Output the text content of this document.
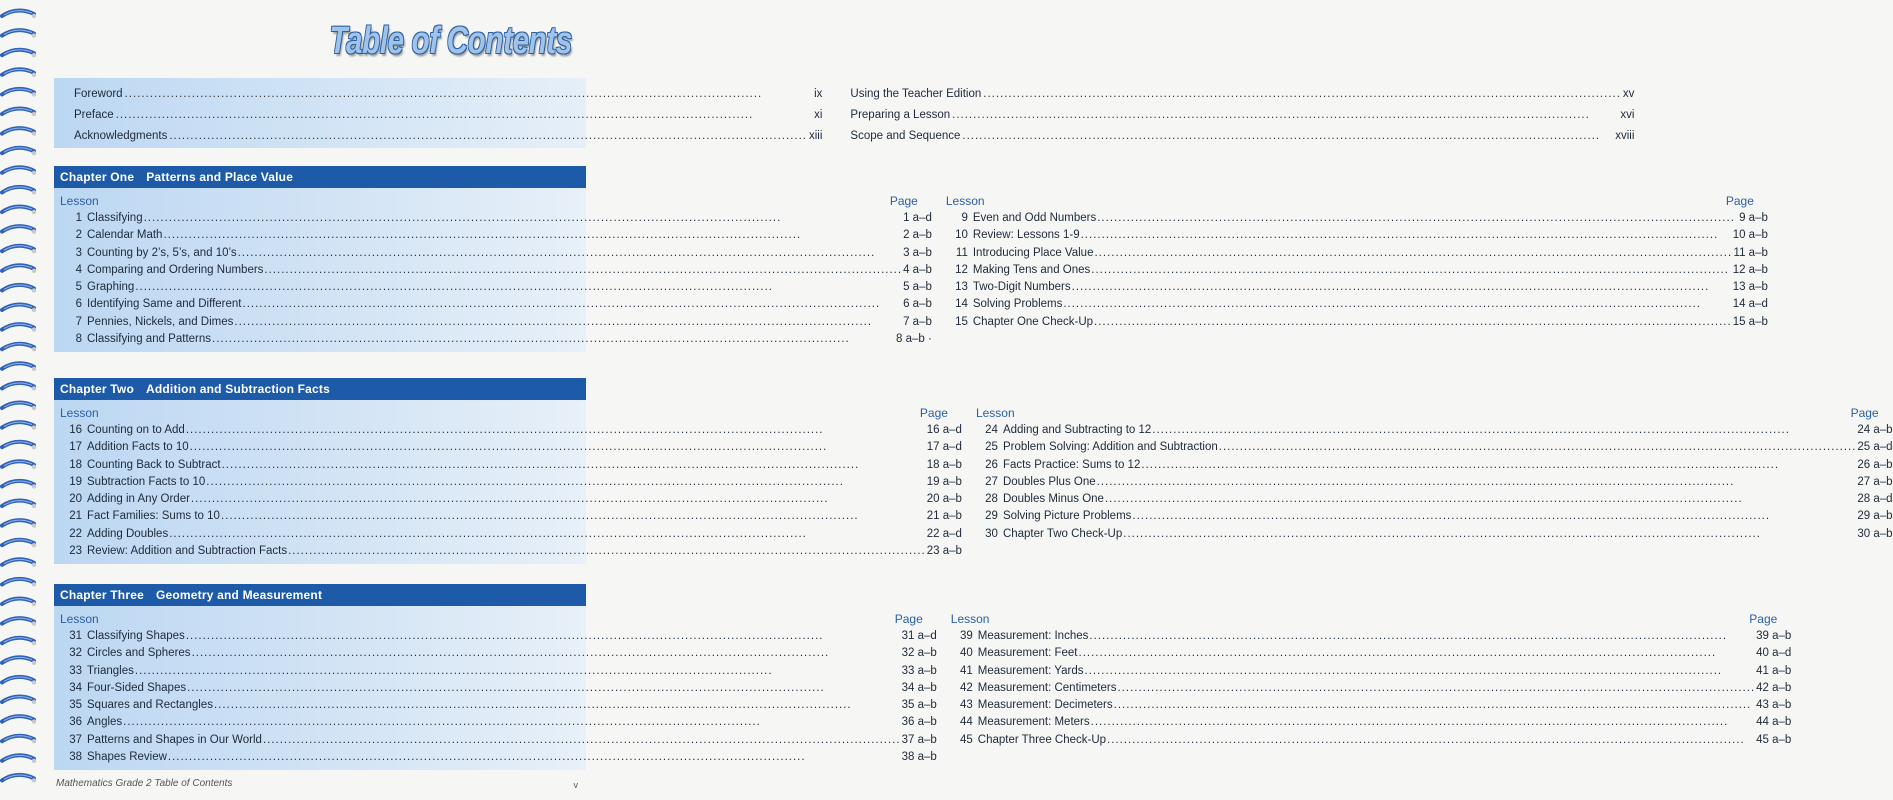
Table of Contents
Foreword .....	ix
Preface .....	xi
Acknowledgments .....	xiii
Using the Teacher Edition .....	xv
Preparing a Lesson .....	xvi
Scope and Sequence .....	xviii
Chapter One Patterns and Place Value
Lesson	Page
1 Classifying .....	1 a–d
2 Calendar Math .....	2 a–b
3 Counting by 2’s, 5’s, and 10’s .....	3 a–b
4 Comparing and Ordering Numbers .....	4 a–b
5 Graphing .....	5 a–b
6 Identifying Same and Different .....	6 a–b
7 Pennies, Nickels, and Dimes .....	7 a–b
8 Classifying and Patterns .....	8 a–b ·
Lesson	Page
9 Even and Odd Numbers .....	9 a–b
10 Review: Lessons 1-9 .....	10 a–b
11 Introducing Place Value .....	11 a–b
12 Making Tens and Ones .....	12 a–b
13 Two-Digit Numbers .....	13 a–b
14 Solving Problems .....	14 a–d
15 Chapter One Check-Up .....	15 a–b
Chapter Two Addition and Subtraction Facts
Lesson	Page
16 Counting on to Add .....	16 a–d
17 Addition Facts to 10 .....	17 a–d
18 Counting Back to Subtract .....	18 a–b
19 Subtraction Facts to 10 .....	19 a–b
20 Adding in Any Order .....	20 a–b
21 Fact Families: Sums to 10 .....	21 a–b
22 Adding Doubles .....	22 a–d
23 Review: Addition and Subtraction Facts .....	23 a–b
Lesson	Page
24 Adding and Subtracting to 12 .....	24 a–b
25 Problem Solving: Addition and Subtraction .....	25 a–d
26 Facts Practice: Sums to 12 .....	26 a–b
27 Doubles Plus One .....	27 a–b
28 Doubles Minus One .....	28 a–d
29 Solving Picture Problems .....	29 a–b
30 Chapter Two Check-Up .....	30 a–b
Chapter Three Geometry and Measurement
Lesson	Page
31 Classifying Shapes .....	31 a–d
32 Circles and Spheres .....	32 a–b
33 Triangles .....	33 a–b
34 Four-Sided Shapes .....	34 a–b
35 Squares and Rectangles .....	35 a–b
36 Angles .....	36 a–b
37 Patterns and Shapes in Our World .....	37 a–b
38 Shapes Review .....	38 a–b
Lesson	Page
39 Measurement: Inches .....	39 a–b
40 Measurement: Feet .....	40 a–d
41 Measurement: Yards .....	41 a–b
42 Measurement: Centimeters .....	42 a–b
43 Measurement: Decimeters .....	43 a–b
44 Measurement: Meters .....	44 a–b
45 Chapter Three Check-Up .....	45 a–b
Mathematics Grade 2 Table of Contents	v
